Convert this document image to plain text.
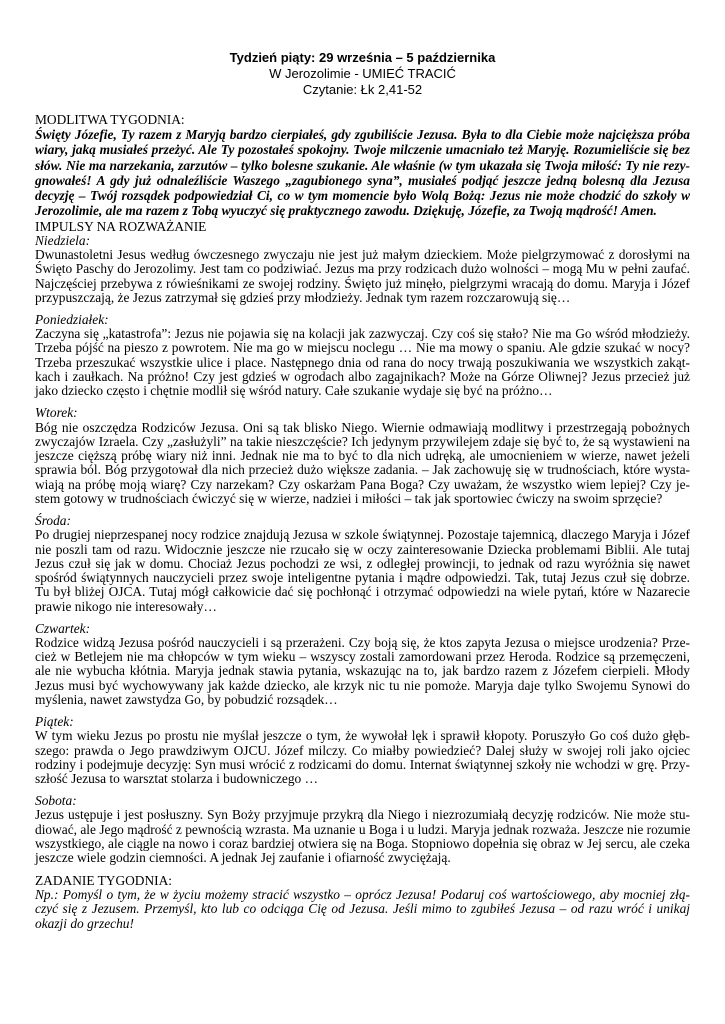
Tydzień piąty: 29 września – 5 października
W Jerozolimie - UMIEĆ TRACIĆ
Czytanie: Łk 2,41-52
MODLITWA TYGODNIA:
Święty Józefie, Ty razem z Maryją bardzo cierpiałeś, gdy zgubiliście Jezusa. Była to dla Ciebie może najcięższa próba
wiary, jaką musiałeś przeżyć. Ale Ty pozostałeś spokojny. Twoje milczenie umacniało też Maryję. Rozumieliście się bez
słów. Nie ma narzekania, zarzutów – tylko bolesne szukanie. Ale właśnie (w tym ukazała się Twoja miłość: Ty nie rezy-
gnowałeś! A gdy już odnaleźliście Waszego „zagubionego syna”, musiałeś podjąć jeszcze jedną bolesną dla Jezusa
decyzję – Twój rozsądek podpowiedział Ci, co w tym momencie było Wolą Bożą: Jezus nie może chodzić do szkoły w
Jerozolimie, ale ma razem z Tobą wyuczyć się praktycznego zawodu. Dziękuję, Józefie, za Twoją mądrość! Amen.
IMPULSY NA ROZWAŻANIE
Niedziela:
Dwunastoletni Jesus według ówczesnego zwyczaju nie jest już małym dzieckiem. Może pielgrzymować z dorosłymi na
Święto Paschy do Jerozolimy. Jest tam co podziwiać. Jezus ma przy rodzicach dużo wolności – mogą Mu w pełni zaufać.
Najczęściej przebywa z rówieśnikami ze swojej rodziny. Święto już minęło, pielgrzymi wracają do domu. Maryja i Józef
przypuszczają, że Jezus zatrzymał się gdzieś przy młodzieży. Jednak tym razem rozczarowują się…
Poniedziałek:
Zaczyna się „katastrofa”: Jezus nie pojawia się na kolacji jak zazwyczaj. Czy coś się stało? Nie ma Go wśród młodzieży.
Trzeba pójść na pieszo z powrotem. Nie ma go w miejscu noclegu … Nie ma mowy o spaniu. Ale gdzie szukać w nocy?
Trzeba przeszukać wszystkie ulice i place. Następnego dnia od rana do nocy trwają poszukiwania we wszystkich zakąt-
kach i zaułkach. Na próżno! Czy jest gdzieś w ogrodach albo zagajnikach? Może na Górze Oliwnej? Jezus przecież już
jako dziecko często i chętnie modlił się wśród natury. Całe szukanie wydaje się być na próżno…
Wtorek:
Bóg nie oszczędza Rodziców Jezusa. Oni są tak blisko Niego. Wiernie odmawiają modlitwy i przestrzegają pobożnych
zwyczajów Izraela. Czy „zasłużyli” na takie nieszczęście? Ich jedynym przywilejem zdaje się być to, że są wystawieni na
jeszcze cięższą próbę wiary niż inni. Jednak nie ma to być to dla nich udręką, ale umocnieniem w wierze, nawet jeżeli
sprawia ból. Bóg przygotował dla nich przecież dużo większe zadania. – Jak zachowuję się w trudnościach, które wysta-
wiają na próbę moją wiarę? Czy narzekam? Czy oskarżam Pana Boga? Czy uważam, że wszystko wiem lepiej? Czy je-
stem gotowy w trudnościach ćwiczyć się w wierze, nadziei i miłości – tak jak sportowiec ćwiczy na swoim sprzęcie?
Środa:
Po drugiej nieprzespanej nocy rodzice znajdują Jezusa w szkole świątynnej. Pozostaje tajemnicą, dlaczego Maryja i Józef
nie poszli tam od razu. Widocznie jeszcze nie rzucało się w oczy zainteresowanie Dziecka problemami Biblii. Ale tutaj
Jezus czuł się jak w domu. Chociaż Jezus pochodzi ze wsi, z odległej prowincji, to jednak od razu wyróżnia się nawet
spośród świątynnych nauczycieli przez swoje inteligentne pytania i mądre odpowiedzi. Tak, tutaj Jezus czuł się dobrze.
Tu był bliżej OJCA. Tutaj mógł całkowicie dać się pochłonąć i otrzymać odpowiedzi na wiele pytań, które w Nazarecie
prawie nikogo nie interesowały…
Czwartek:
Rodzice widzą Jezusa pośród nauczycieli i są przerażeni. Czy boją się, że ktos zapyta Jezusa o miejsce urodzenia? Prze-
cież w Betlejem nie ma chłopców w tym wieku – wszyscy zostali zamordowani przez Heroda. Rodzice są przemęczeni,
ale nie wybucha kłótnia. Maryja jednak stawia pytania, wskazując na to, jak bardzo razem z Józefem cierpieli. Młody
Jezus musi być wychowywany jak każde dziecko, ale krzyk nic tu nie pomoże. Maryja daje tylko Swojemu Synowi do
myślenia, nawet zawstydza Go, by pobudzić rozsądek…
Piątek:
W tym wieku Jezus po prostu nie myślał jeszcze o tym, że wywołał lęk i sprawił kłopoty. Poruszyło Go coś dużo głęb-
szego: prawda o Jego prawdziwym OJCU. Józef milczy. Co miałby powiedzieć? Dalej służy w swojej roli jako ojciec
rodziny i podejmuje decyzję: Syn musi wrócić z rodzicami do domu. Internat świątynnej szkoły nie wchodzi w grę. Przy-
szłość Jezusa to warsztat stolarza i budowniczego …
Sobota:
Jezus ustępuje i jest posłuszny. Syn Boży przyjmuje przykrą dla Niego i niezrozumiałą decyzję rodziców. Nie może stu-
diować, ale Jego mądrość z pewnością wzrasta. Ma uznanie u Boga i u ludzi. Maryja jednak rozważa. Jeszcze nie rozumie
wszystkiego, ale ciągle na nowo i coraz bardziej otwiera się na Boga. Stopniowo dopełnia się obraz w Jej sercu, ale czeka
jeszcze wiele godzin ciemności. A jednak Jej zaufanie i ofiarność zwyciężają.
ZADANIE TYGODNIA:
Np.: Pomyśl o tym, że w życiu możemy stracić wszystko – oprócz Jezusa! Podaruj coś wartościowego, aby mocniej złą-
czyć się z Jezusem. Przemyśl, kto lub co odciąga Cię od Jezusa. Jeśli mimo to zgubiłeś Jezusa – od razu wróć i unikaj
okazji do grzechu!
